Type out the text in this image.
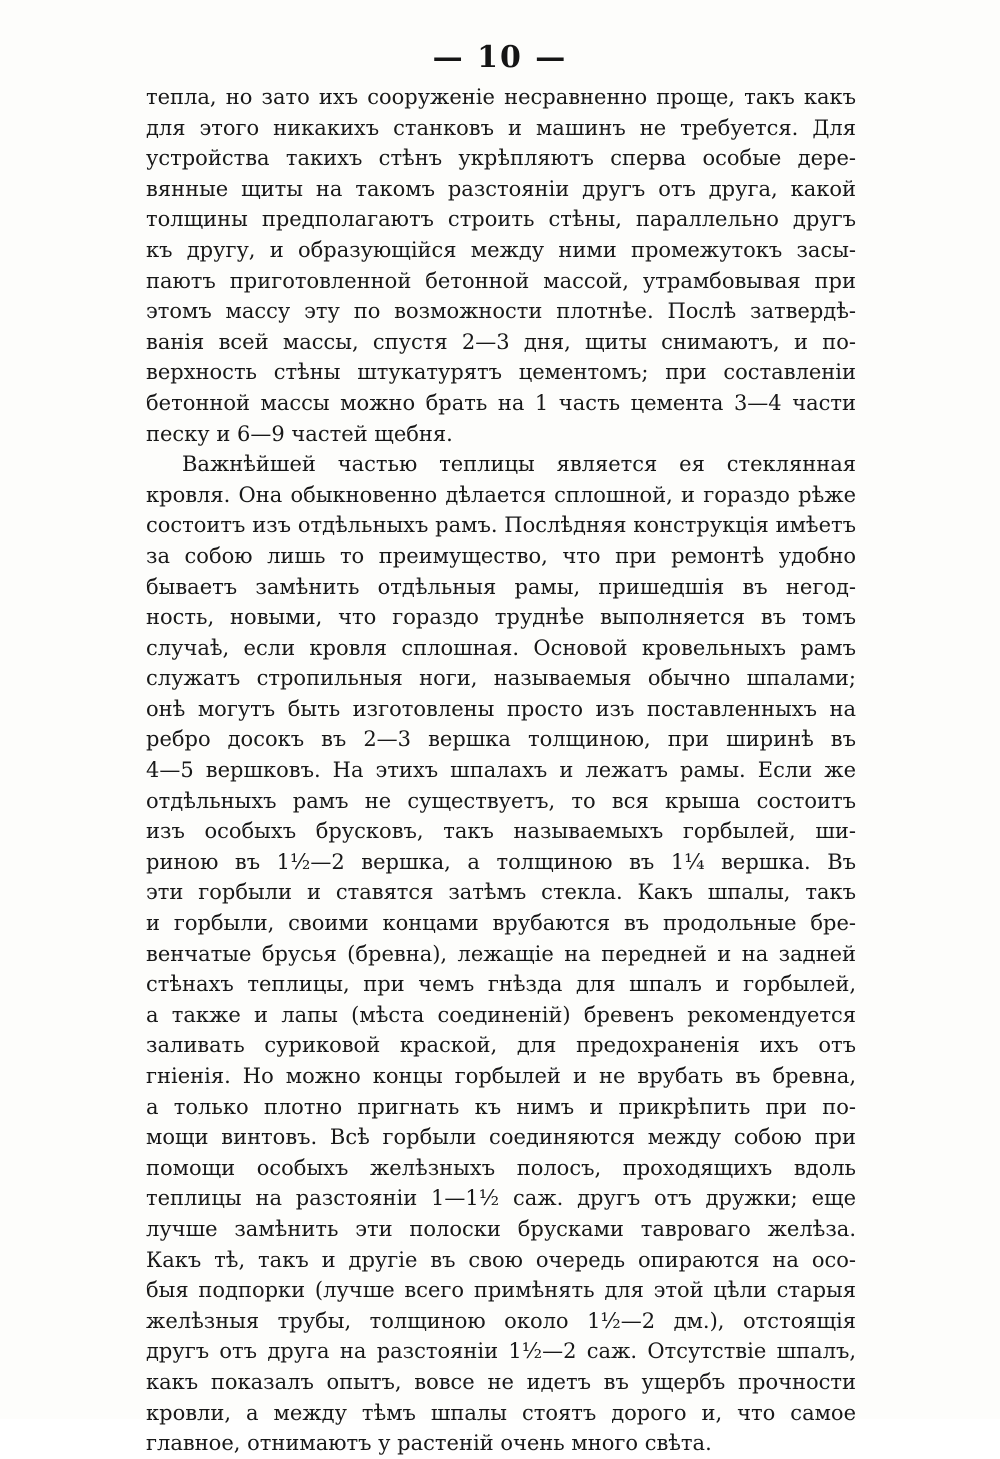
— 10 —
тепла, но зато ихъ сооруженіе несравненно проще, такъ какъ
для этого никакихъ станковъ и машинъ не требуется. Для
устройства такихъ стѣнъ укрѣпляютъ сперва особые дере-
вянные щиты на такомъ разстояніи другъ отъ друга, какой
толщины предполагаютъ строить стѣны, параллельно другъ
къ другу, и образующійся между ними промежутокъ засы-
паютъ приготовленной бетонной массой, утрамбовывая при
этомъ массу эту по возможности плотнѣе. Послѣ затвердѣ-
ванія всей массы, спустя 2—3 дня, щиты снимаютъ, и по-
верхность стѣны штукатурятъ цементомъ; при составленіи
бетонной массы можно брать на 1 часть цемента 3—4 части
песку и 6—9 частей щебня.
Важнѣйшей частью теплицы является ея стеклянная
кровля. Она обыкновенно дѣлается сплошной, и гораздо рѣже
состоитъ изъ отдѣльныхъ рамъ. Послѣдняя конструкція имѣетъ
за собою лишь то преимущество, что при ремонтѣ удобно
бываетъ замѣнить отдѣльныя рамы, пришедшія въ негод-
ность, новыми, что гораздо труднѣе выполняется въ томъ
случаѣ, если кровля сплошная. Основой кровельныхъ рамъ
служатъ стропильныя ноги, называемыя обычно шпалами;
онѣ могутъ быть изготовлены просто изъ поставленныхъ на
ребро досокъ въ 2—3 вершка толщиною, при ширинѣ въ
4—5 вершковъ. На этихъ шпалахъ и лежатъ рамы. Если же
отдѣльныхъ рамъ не существуетъ, то вся крыша состоитъ
изъ особыхъ брусковъ, такъ называемыхъ горбылей, ши-
риною въ 1½—2 вершка, а толщиною въ 1¼ вершка. Въ
эти горбыли и ставятся затѣмъ стекла. Какъ шпалы, такъ
и горбыли, своими концами врубаются въ продольные бре-
венчатые брусья (бревна), лежащіе на передней и на задней
стѣнахъ теплицы, при чемъ гнѣзда для шпалъ и горбылей,
а также и лапы (мѣста соединеній) бревенъ рекомендуется
заливать суриковой краской, для предохраненія ихъ отъ
гніенія. Но можно концы горбылей и не врубать въ бревна,
а только плотно пригнать къ нимъ и прикрѣпить при по-
мощи винтовъ. Всѣ горбыли соединяются между собою при
помощи особыхъ желѣзныхъ полосъ, проходящихъ вдоль
теплицы на разстояніи 1—1½ саж. другъ отъ дружки; еще
лучше замѣнить эти полоски брусками тавроваго желѣза.
Какъ тѣ, такъ и другіе въ свою очередь опираются на осо-
быя подпорки (лучше всего примѣнять для этой цѣли старыя
желѣзныя трубы, толщиною около 1½—2 дм.), отстоящія
другъ отъ друга на разстояніи 1½—2 саж. Отсутствіе шпалъ,
какъ показалъ опытъ, вовсе не идетъ въ ущербъ прочности
кровли, а между тѣмъ шпалы стоятъ дорого и, что самое
главное, отнимаютъ у растеній очень много свѣта.
